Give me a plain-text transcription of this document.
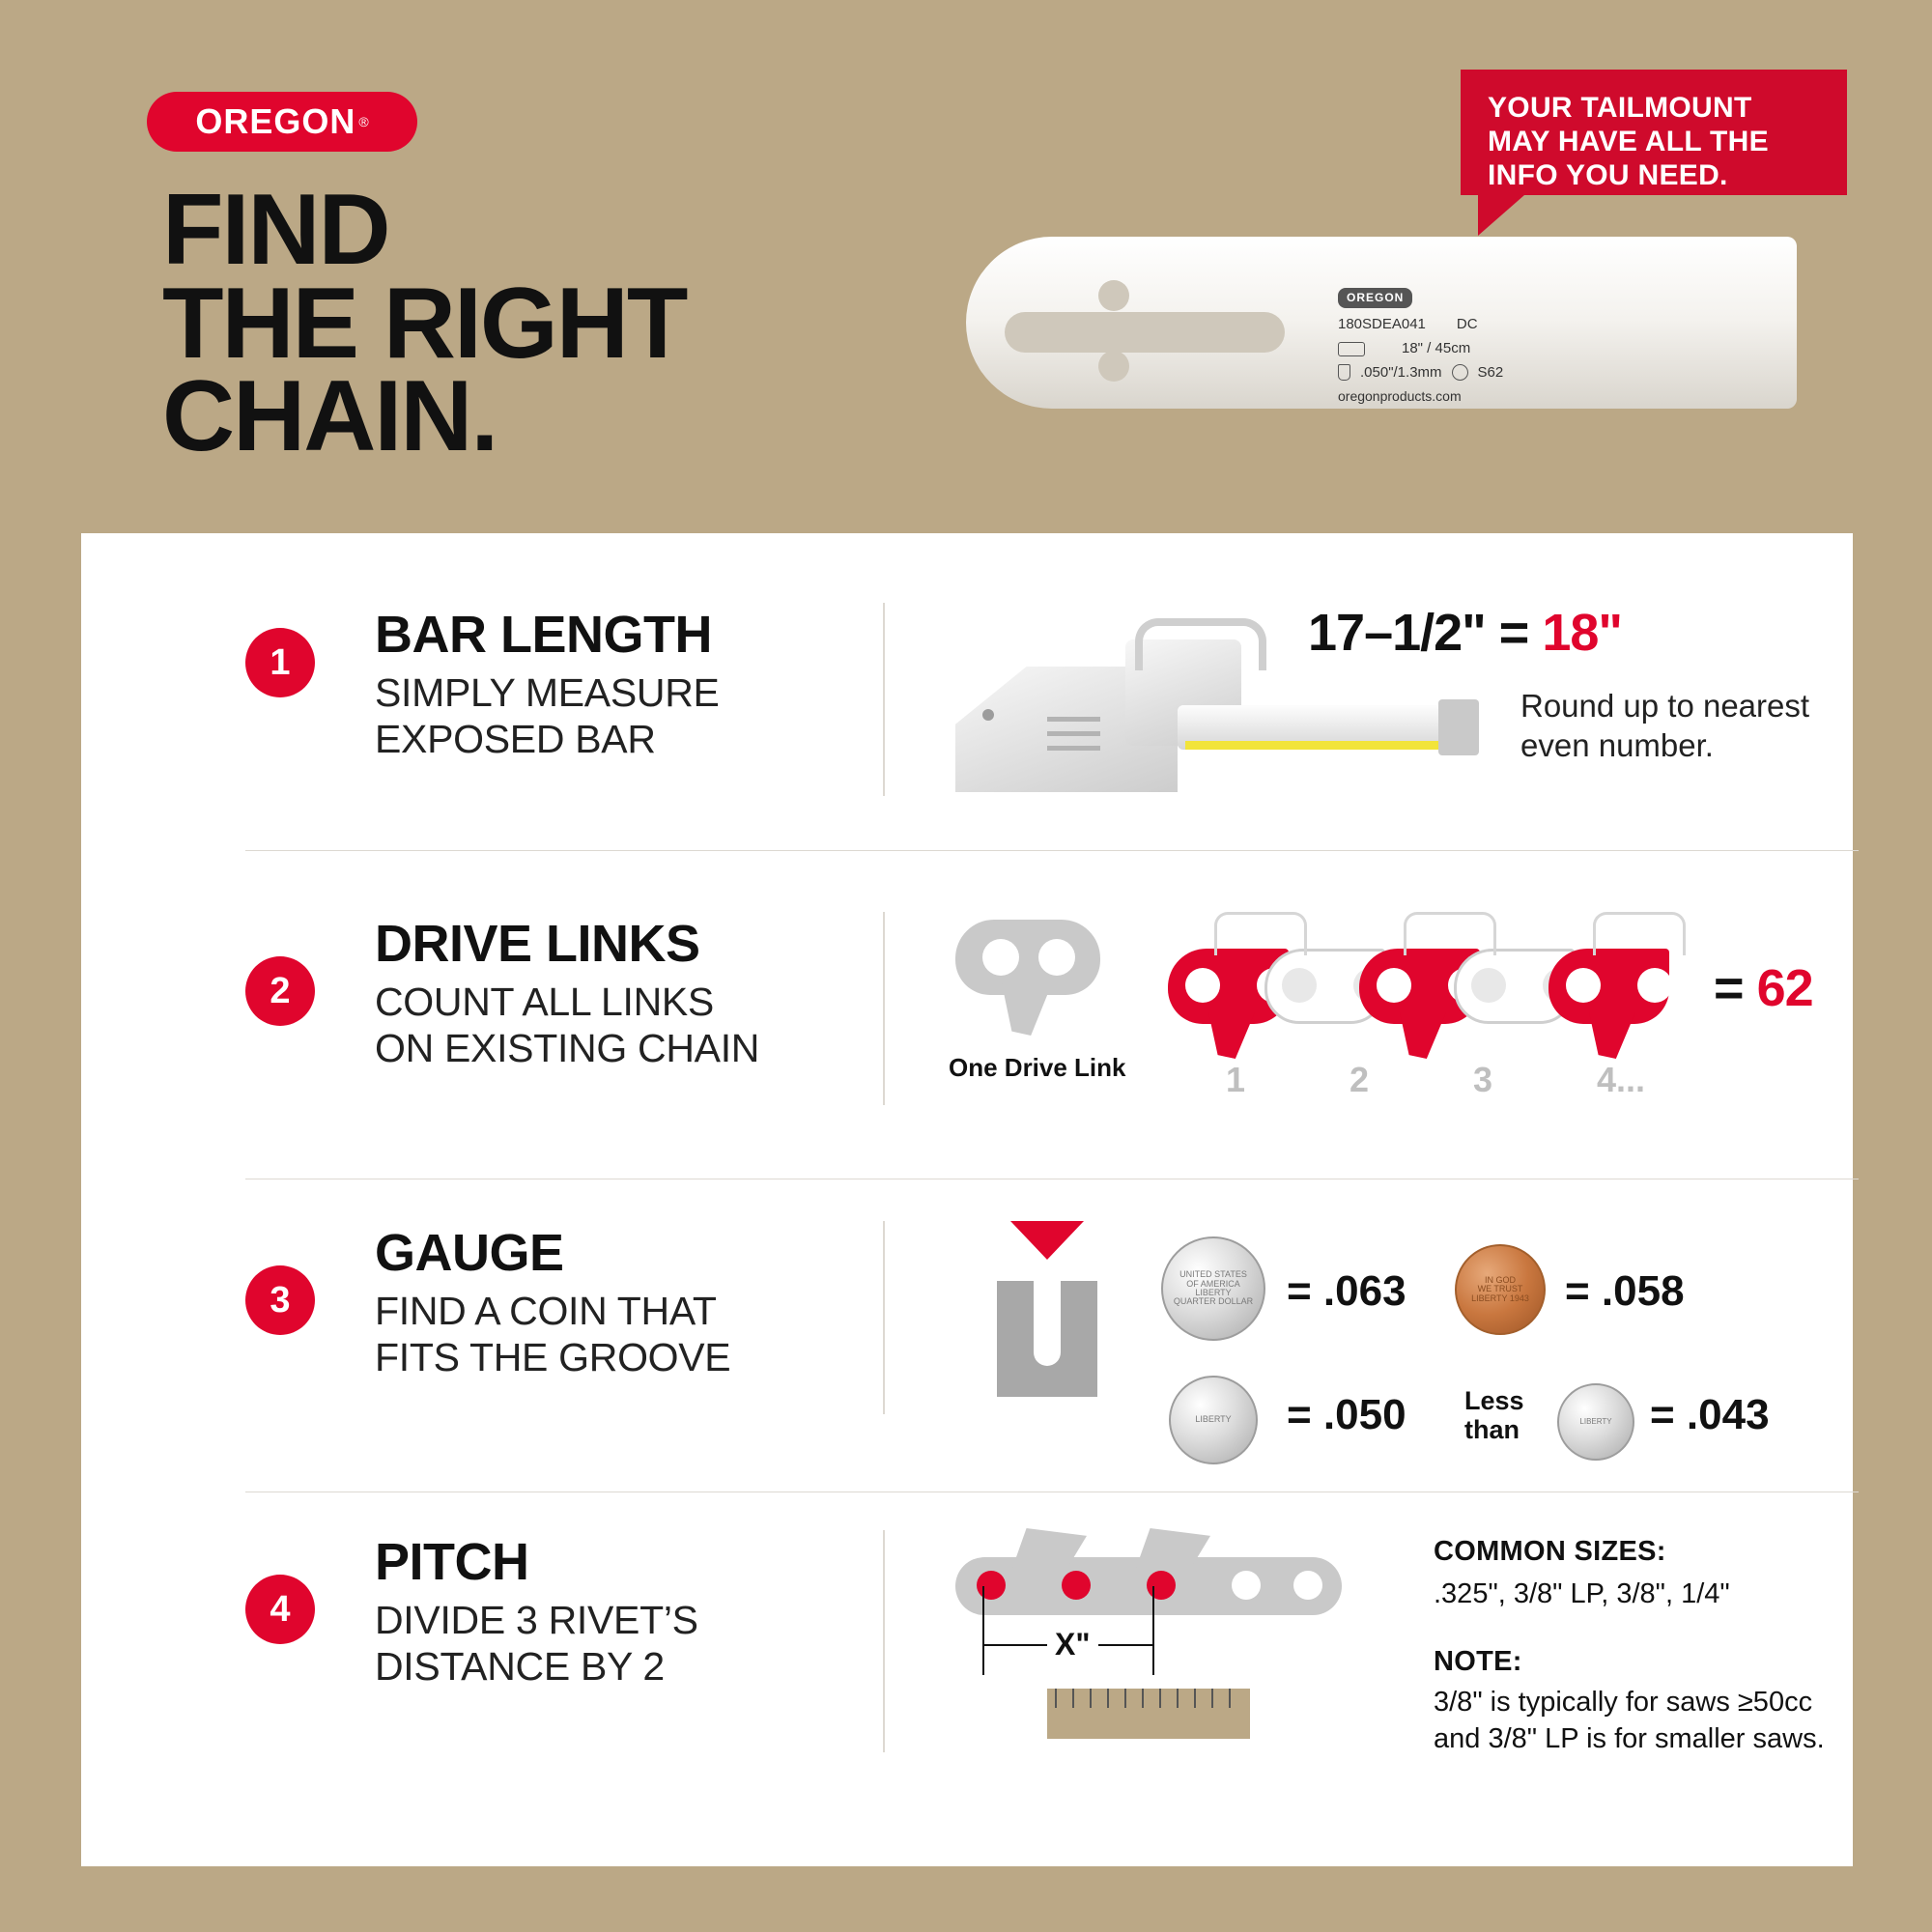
OREGON ®
FIND
THE RIGHT
CHAIN.
YOUR TAILMOUNT MAY HAVE ALL THE INFO YOU NEED.
OREGON
180SDEA041 DC
18" / 45cm
.050"/1.3mm S62
oregonproducts.com
1	BAR LENGTH
SIMPLY MEASURE
EXPOSED BAR
17–1/2" = 18"
Round up to nearest
even number.
2
DRIVE LINKS
COUNT ALL LINKS
ON EXISTING CHAIN	One Drive Link	1	2	3	4...
= 62
3
GAUGE
FIND A COIN THAT
FITS THE GROOVE
UNITED STATES
OF AMERICA
LIBERTY
QUARTER DOLLAR = .063	IN GOD
WE TRUST
LIBERTY 1943 = .058
LIBERTY = .050 Less
than	LIBERTY = .043
4
PITCH
DIVIDE 3 RIVET’S
DISTANCE BY 2	X"
COMMON SIZES:
.325", 3/8" LP, 3/8", 1/4"
NOTE:
3/8" is typically for saws ≥50cc
and 3/8" LP is for smaller saws.
